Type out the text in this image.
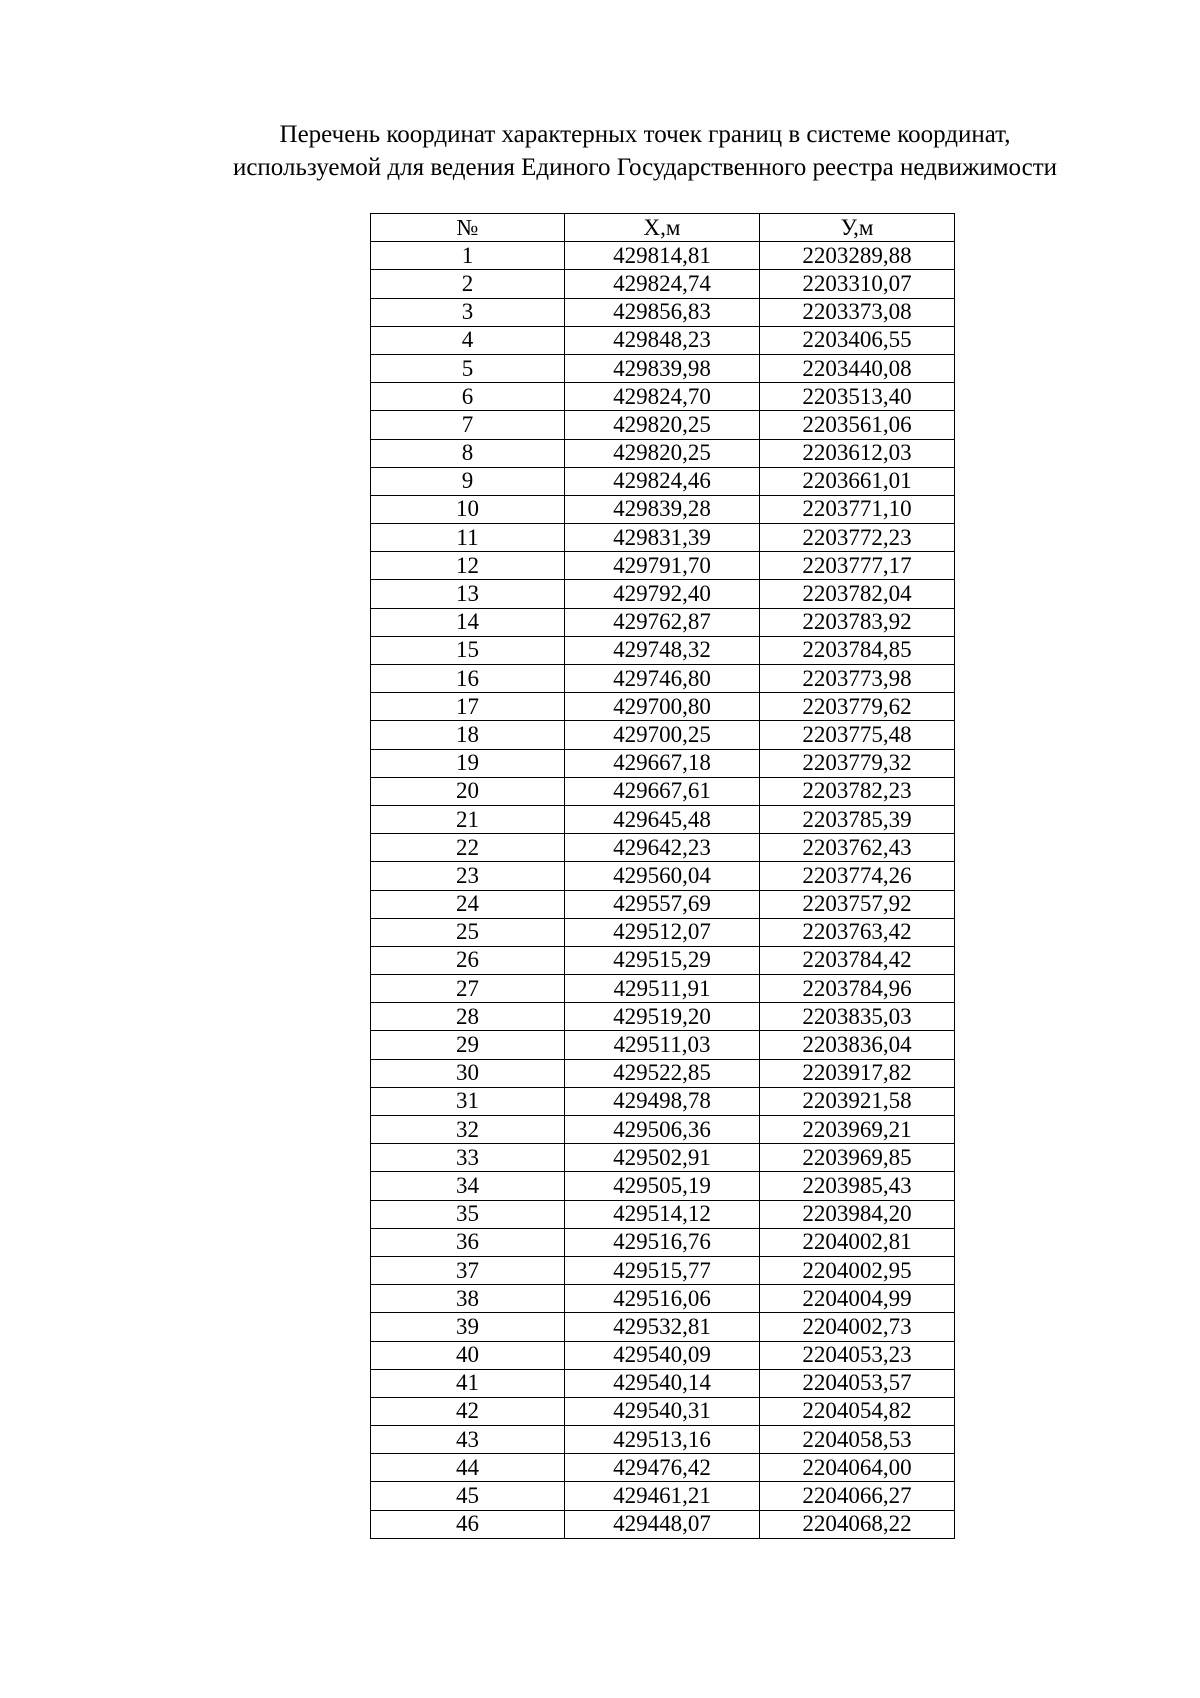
Перечень координат характерных точек границ в системе координат,
используемой для ведения Единого Государственного реестра недвижимости
№	Х,м	У,м
1	429814,81	2203289,88
2	429824,74	2203310,07
3	429856,83	2203373,08
4	429848,23	2203406,55
5	429839,98	2203440,08
6	429824,70	2203513,40
7	429820,25	2203561,06
8	429820,25	2203612,03
9	429824,46	2203661,01
10	429839,28	2203771,10
11	429831,39	2203772,23
12	429791,70	2203777,17
13	429792,40	2203782,04
14	429762,87	2203783,92
15	429748,32	2203784,85
16	429746,80	2203773,98
17	429700,80	2203779,62
18	429700,25	2203775,48
19	429667,18	2203779,32
20	429667,61	2203782,23
21	429645,48	2203785,39
22	429642,23	2203762,43
23	429560,04	2203774,26
24	429557,69	2203757,92
25	429512,07	2203763,42
26	429515,29	2203784,42
27	429511,91	2203784,96
28	429519,20	2203835,03
29	429511,03	2203836,04
30	429522,85	2203917,82
31	429498,78	2203921,58
32	429506,36	2203969,21
33	429502,91	2203969,85
34	429505,19	2203985,43
35	429514,12	2203984,20
36	429516,76	2204002,81
37	429515,77	2204002,95
38	429516,06	2204004,99
39	429532,81	2204002,73
40	429540,09	2204053,23
41	429540,14	2204053,57
42	429540,31	2204054,82
43	429513,16	2204058,53
44	429476,42	2204064,00
45	429461,21	2204066,27
46	429448,07	2204068,22
